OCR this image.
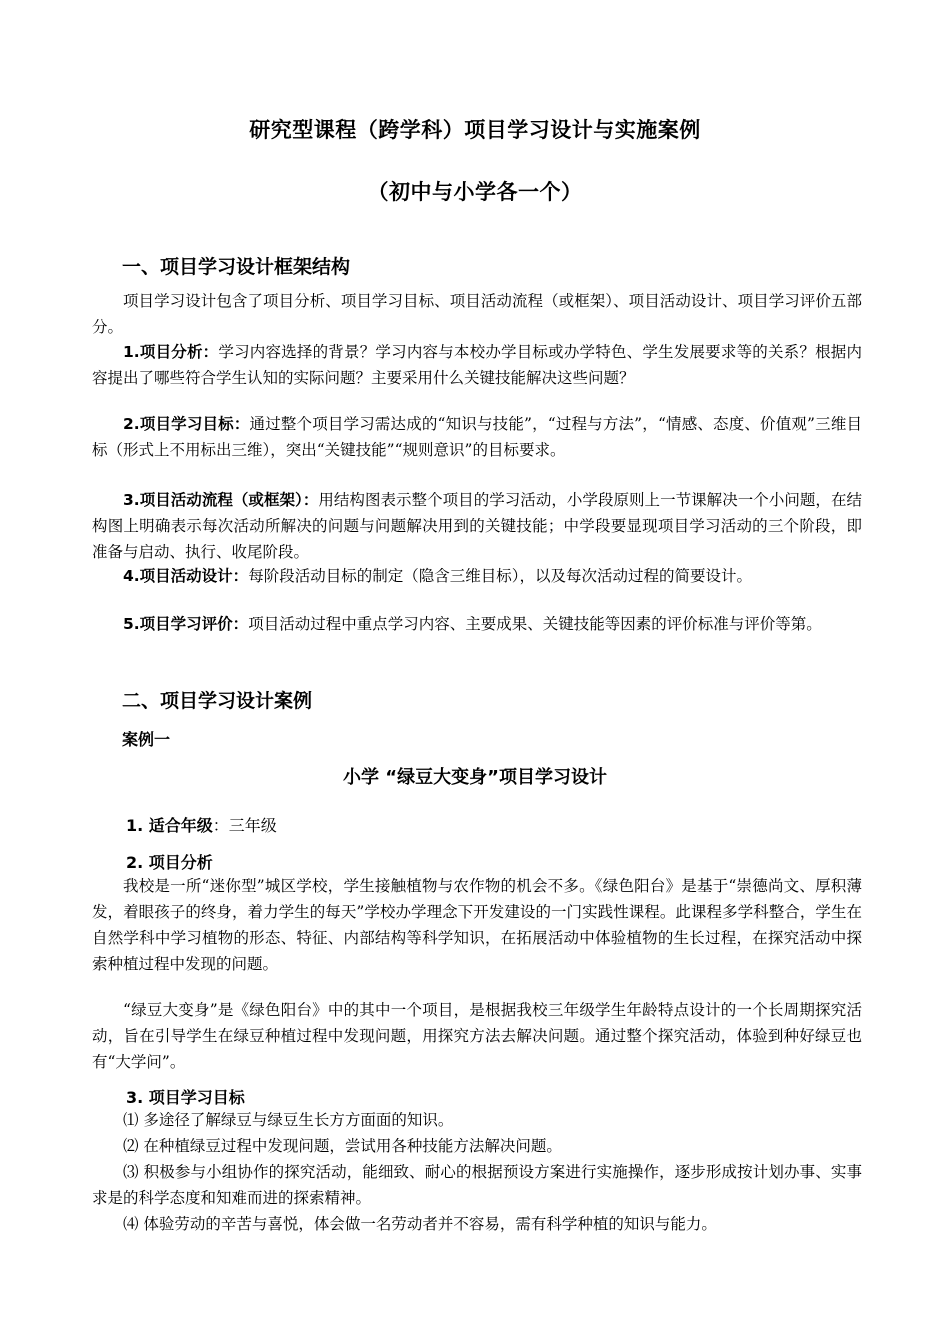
研究型课程（跨学科）项目学习设计与实施案例
（初中与小学各一个）
一、项目学习设计框架结构

项目学习设计包含了项目分析、项目学习目标、项目活动流程（或框架）、项目活动设计、项目学习评价五部分。

1.项目分析：学习内容选择的背景？学习内容与本校办学目标或办学特色、学生发展要求等的关系？根据内容提出了哪些符合学生认知的实际问题？主要采用什么关键技能解决这些问题？

2.项目学习目标：通过整个项目学习需达成的“知识与技能”，“过程与方法”，“情感、态度、价值观”三维目标（形式上不用标出三维），突出“关键技能”“规则意识”的目标要求。

3.项目活动流程（或框架）：用结构图表示整个项目的学习活动，小学段原则上一节课解决一个小问题，在结构图上明确表示每次活动所解决的问题与问题解决用到的关键技能；中学段要显现项目学习活动的三个阶段，即准备与启动、执行、收尾阶段。

4.项目活动设计：每阶段活动目标的制定（隐含三维目标），以及每次活动过程的简要设计。

5.项目学习评价：项目活动过程中重点学习内容、主要成果、关键技能等因素的评价标准与评价等第。

二、项目学习设计案例
案例一
小学 “绿豆大变身”项目学习设计
1. 适合年级：三年级
2. 项目分析

我校是一所“迷你型”城区学校，学生接触植物与农作物的机会不多。《绿色阳台》是基于“崇德尚文、厚积薄发，着眼孩子的终身，着力学生的每天”学校办学理念下开发建设的一门实践性课程。此课程多学科整合，学生在自然学科中学习植物的形态、特征、内部结构等科学知识，在拓展活动中体验植物的生长过程，在探究活动中探索种植过程中发现的问题。

“绿豆大变身”是《绿色阳台》中的其中一个项目，是根据我校三年级学生年龄特点设计的一个长周期探究活动，旨在引导学生在绿豆种植过程中发现问题，用探究方法去解决问题。通过整个探究活动，体验到种好绿豆也有“大学问”。

3. 项目学习目标

⑴ 多途径了解绿豆与绿豆生长方方面面的知识。

⑵ 在种植绿豆过程中发现问题，尝试用各种技能方法解决问题。

⑶ 积极参与小组协作的探究活动，能细致、耐心的根据预设方案进行实施操作，逐步形成按计划办事、实事求是的科学态度和知难而进的探索精神。

⑷ 体验劳动的辛苦与喜悦，体会做一名劳动者并不容易，需有科学种植的知识与能力。
